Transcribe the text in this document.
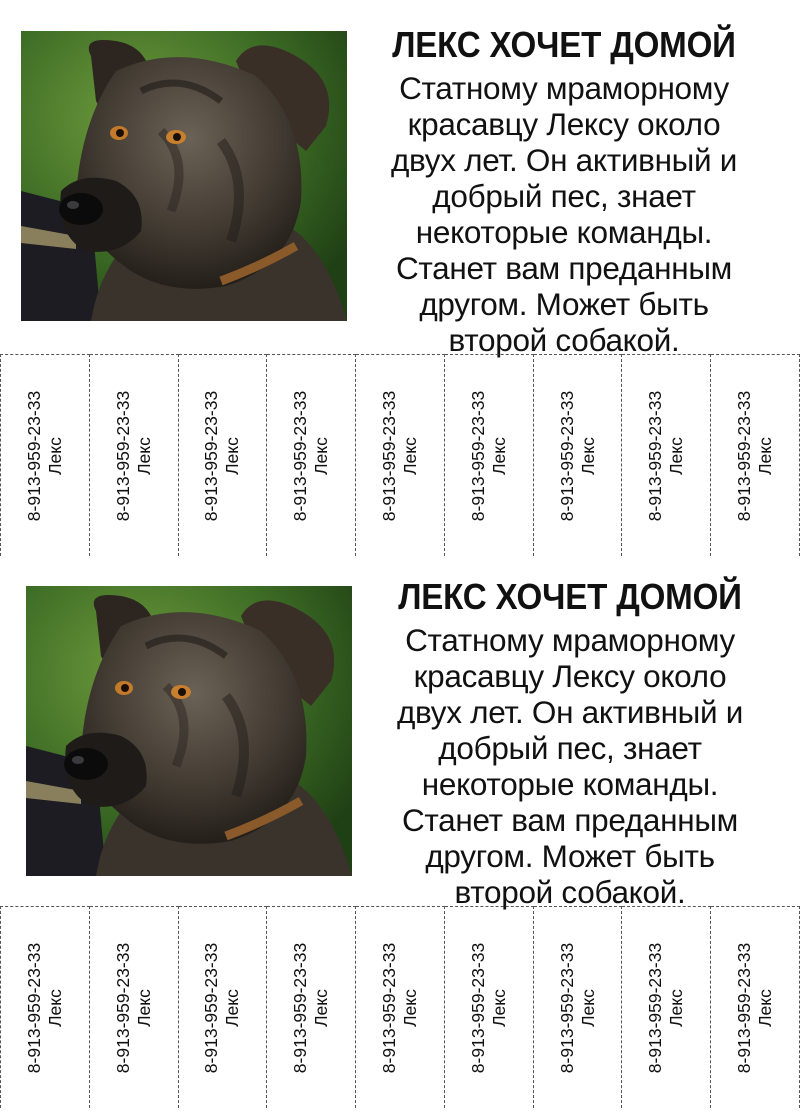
ЛЕКС ХОЧЕТ ДОМОЙ

Статному мраморному красавцу Лексу около двух лет. Он активный и добрый пес, знает некоторые команды. Станет вам преданным другом. Может быть второй собакой.

8-913-959-23-33 Лекс	8-913-959-23-33 Лекс	8-913-959-23-33 Лекс	8-913-959-23-33 Лекс	8-913-959-23-33 Лекс	8-913-959-23-33 Лекс	8-913-959-23-33 Лекс	8-913-959-23-33 Лекс	8-913-959-23-33 Лекс
ЛЕКС ХОЧЕТ ДОМОЙ

Статному мраморному красавцу Лексу около двух лет. Он активный и добрый пес, знает некоторые команды. Станет вам преданным другом. Может быть второй собакой.

8-913-959-23-33 Лекс	8-913-959-23-33 Лекс	8-913-959-23-33 Лекс	8-913-959-23-33 Лекс	8-913-959-23-33 Лекс	8-913-959-23-33 Лекс	8-913-959-23-33 Лекс	8-913-959-23-33 Лекс	8-913-959-23-33 Лекс
